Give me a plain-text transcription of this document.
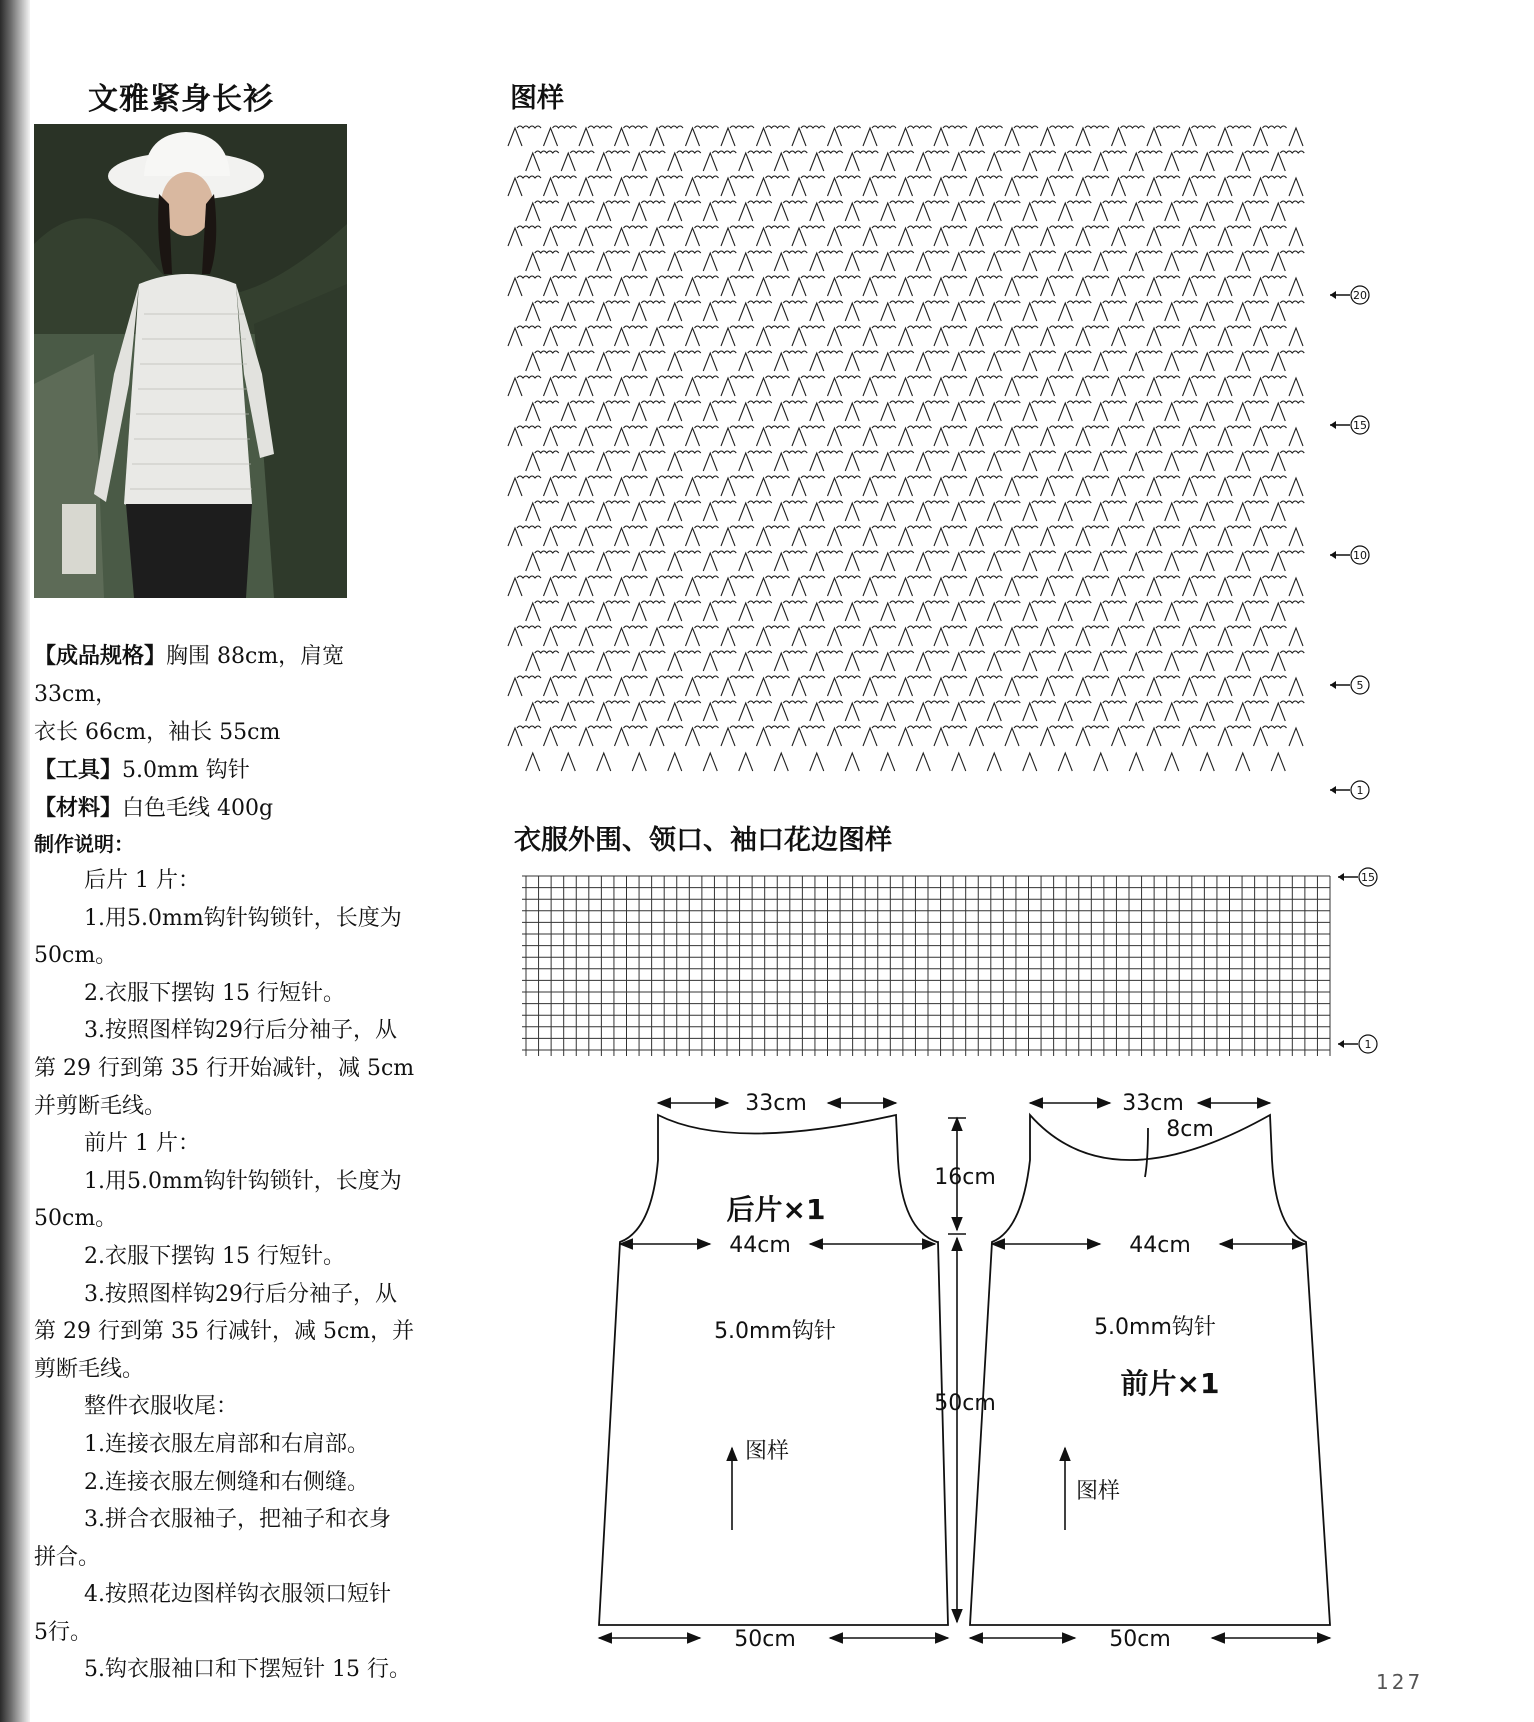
文雅紧身长衫
【成品规格】胸围 88cm，肩宽 33cm，
衣长 66cm，袖长 55cm
【工具】5.0mm 钩针
【材料】白色毛线 400g
制作说明：
后片 1 片：
1.用5.0mm钩针钩锁针，长度为
50cm。
2.衣服下摆钩 15 行短针。
3.按照图样钩29行后分袖子，从
第 29 行到第 35 行开始减针，减 5cm
并剪断毛线。
前片 1 片：
1.用5.0mm钩针钩锁针，长度为
50cm。
2.衣服下摆钩 15 行短针。
3.按照图样钩29行后分袖子，从
第 29 行到第 35 行减针，减 5cm，并
剪断毛线。
整件衣服收尾：
1.连接衣服左肩部和右肩部。
2.连接衣服左侧缝和右侧缝。
3.拼合衣服袖子，把袖子和衣身
拼合。
4.按照花边图样钩衣服领口短针
5行。
5.钩衣服袖口和下摆短针 15 行。
图样
20
15
10
5
1
衣服外围、领口、袖口花边图样
15
1
33cm	33cm
8cm
16cm
44cm	44cm
5.0mm钩针	5.0mm钩针
50cm
图样
图样
50cm	50cm
后片×1
前片×1
127
